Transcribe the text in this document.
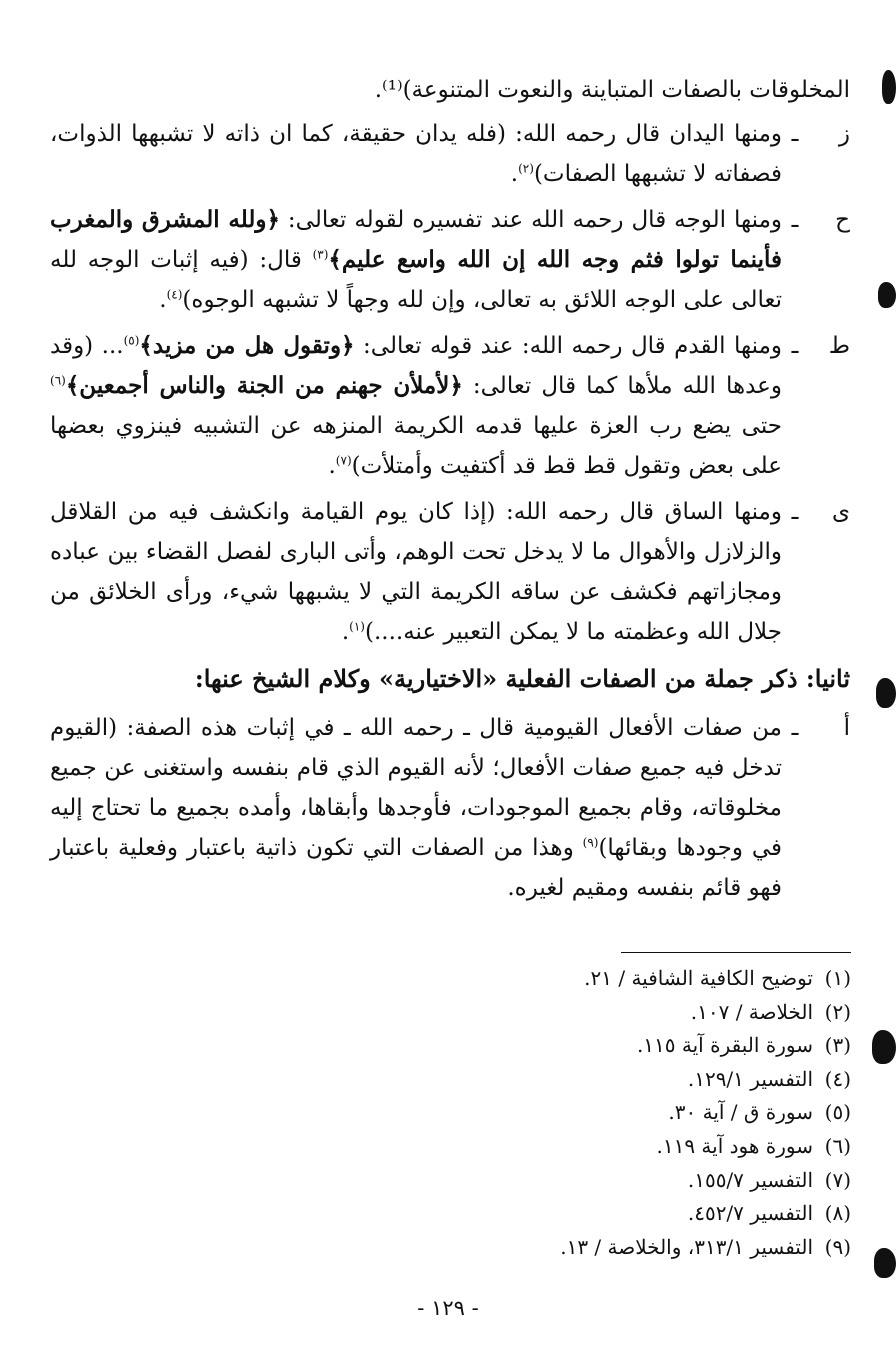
المخلوقات بالصفات المتباينة والنعوت المتنوعة)⁽¹⁾.

ز
ـ
ومنها اليدان قال رحمه الله: (فله يدان حقيقة، كما ان ذاته لا تشبهها الذوات، فصفاته لا تشبهها الصفات)$^{(٢)}$.
ح
ـ
ومنها الوجه قال رحمه الله عند تفسيره لقوله تعالى: ﴿ولله المشرق والمغرب فأينما تولوا فثم وجه الله إن الله واسع عليم﴾$^{(٣)}$ قال: (فيه إثبات الوجه لله تعالى على الوجه اللائق به تعالى، وإن لله وجهاً لا تشبهه الوجوه)$^{(٤)}$.
ط
ـ
ومنها القدم قال رحمه الله: عند قوله تعالى: ﴿وتقول هل من مزيد﴾$^{(٥)}$... (وقد وعدها الله ملأها كما قال تعالى: ﴿لأملأن جهنم من الجنة والناس أجمعين﴾$^{(٦)}$ حتى يضع رب العزة عليها قدمه الكريمة المنزهه عن التشبيه فينزوي بعضها على بعض وتقول قط قط قد أكتفيت وأمتلأت)$^{(٧)}$.
ى
ـ
ومنها الساق قال رحمه الله: (إذا كان يوم القيامة وانكشف فيه من القلاقل والزلازل والأهوال ما لا يدخل تحت الوهم، وأتى البارى لفصل القضاء بين عباده ومجازاتهم فكشف عن ساقه الكريمة التي لا يشبهها شيء، ورأى الخلائق من جلال الله وعظمته ما لا يمكن التعبير عنه....)$^{(١)}$.
ثانيا: ذكر جملة من الصفات الفعلية «الاختيارية» وكلام الشيخ عنها:
أ
ـ
من صفات الأفعال القيومية قال ـ رحمه الله ـ في إثبات هذه الصفة: (القيوم تدخل فيه جميع صفات الأفعال؛ لأنه القيوم الذي قام بنفسه واستغنى عن جميع مخلوقاته، وقام بجميع الموجودات، فأوجدها وأبقاها، وأمده بجميع ما تحتاج إليه في وجودها وبقائها)$^{(٩)}$ وهذا من الصفات التي تكون ذاتية باعتبار وفعلية باعتبار فهو قائم بنفسه ومقيم لغيره.
(١)
توضيح الكافية الشافية / ٢١.
(٢)
الخلاصة / ١٠٧.
(٣)
سورة البقرة آية ١١٥.
(٤)
التفسير ١٢٩/١.
(٥)
سورة ق / آية ٣٠.
(٦)
سورة هود آية ١١٩.
(٧)
التفسير ١٥٥/٧.
(٨)
التفسير ٤٥٢/٧.
(٩)
التفسير ٣١٣/١، والخلاصة / ١٣.
- ١٢٩ -
